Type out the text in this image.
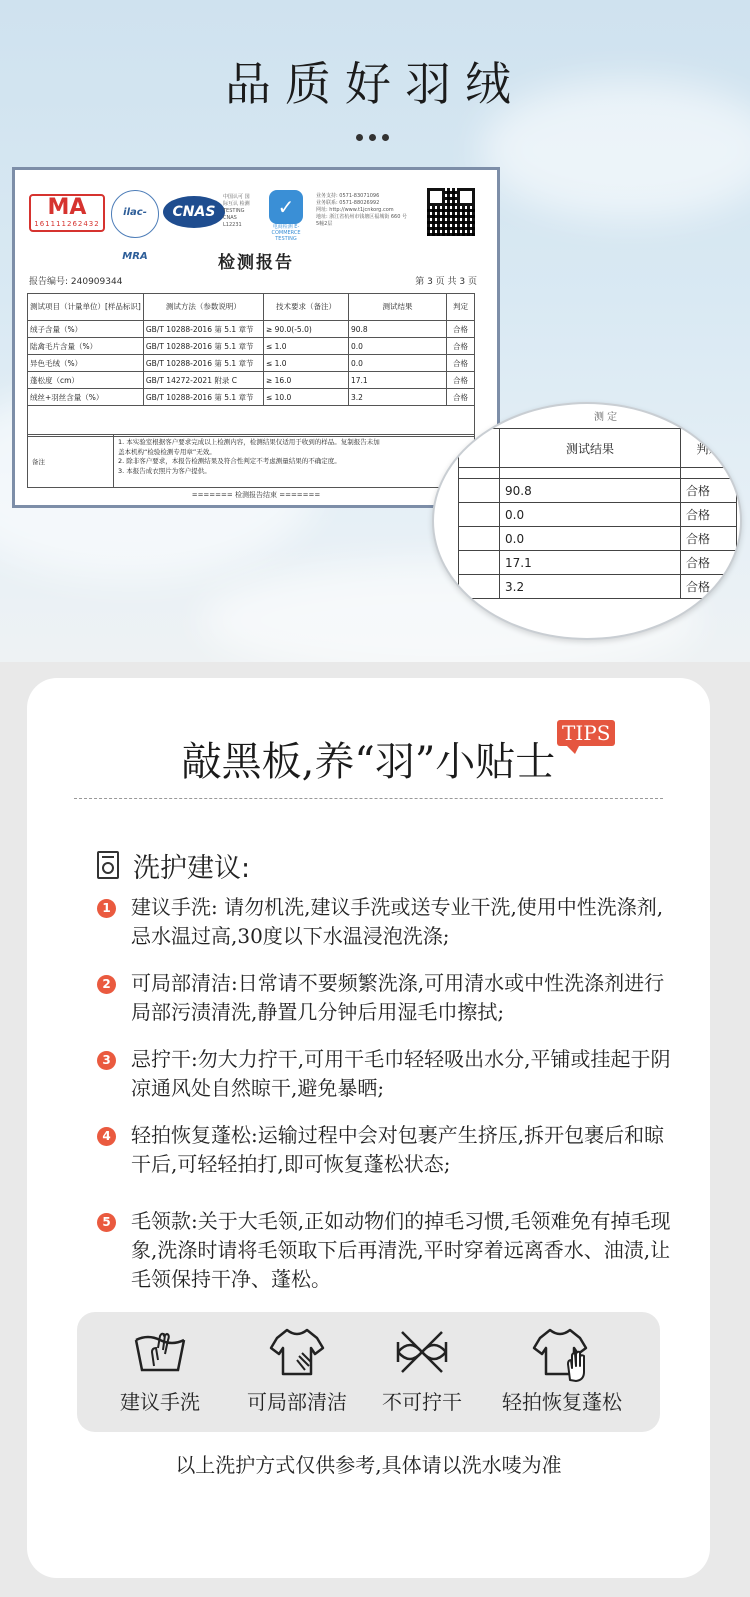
品质好羽绒
MA
161111262432
ilac-MRA
CNAS
中国认可 国际互认 检测 TESTING CNAS L12231
✓
电商检测 E-COMMERCE TESTING
业务支持: 0571-83071096
业务联系: 0571-88026992
网址: http://www.t1jcnkorg.com
地址: 浙江省杭州市钱塘区福城街 660 号
5幢2层
检测报告
报告编号: 240909344	第 3 页 共 3 页
测试项目（计量单位）[样品标识]	测试方法（参数说明）	技术要求（备注）	测试结果	判定
绒子含量（%）	GB/T 10288-2016 第 5.1 章节	≥ 90.0(-5.0)	90.8	合格
陆禽毛片含量（%）	GB/T 10288-2016 第 5.1 章节	≤ 1.0	0.0	合格
异色毛绒（%）	GB/T 10288-2016 第 5.1 章节	≤ 1.0	0.0	合格
蓬松度（cm）	GB/T 14272-2021 附录 C	≥ 16.0	17.1	合格
绒丝+羽丝含量（%）	GB/T 10288-2016 第 5.1 章节	≤ 10.0	3.2	合格

备注
1. 本实验室根据客户要求完成以上检测内容，检测结果仅适用于收到的样品。复制报告未加
盖本机构“检验检测专用章”无效。
2. 除非客户要求，本报告检测结果及符合性判定不考虑测量结果的不确定度。
3. 本报告成衣照片为客户提供。
======= 检测报告结束 =======
测 定
	测试结果	判定

	90.8	合格
	0.0	合格
	0.0	合格
	17.1	合格
	3.2	合格
TIPS
敲黑板,养“羽”小贴士
洗护建议:
1 建议手洗: 请勿机洗,建议手洗或送专业干洗,使用中性洗涤剂,忌水温过高,30度以下水温浸泡洗涤;
2 可局部清洁:日常请不要频繁洗涤,可用清水或中性洗涤剂进行局部污渍清洗,静置几分钟后用湿毛巾擦拭;
3 忌拧干:勿大力拧干,可用干毛巾轻轻吸出水分,平铺或挂起于阴凉通风处自然晾干,避免暴晒;
4 轻拍恢复蓬松:运输过程中会对包裹产生挤压,拆开包裹后和晾干后,可轻轻拍打,即可恢复蓬松状态;
5 毛领款:关于大毛领,正如动物们的掉毛习惯,毛领难免有掉毛现象,洗涤时请将毛领取下后再清洗,平时穿着远离香水、油渍,让毛领保持干净、蓬松。
建议手洗	可局部清洁	不可拧干	轻拍恢复蓬松
以上洗护方式仅供参考,具体请以洗水唛为准
